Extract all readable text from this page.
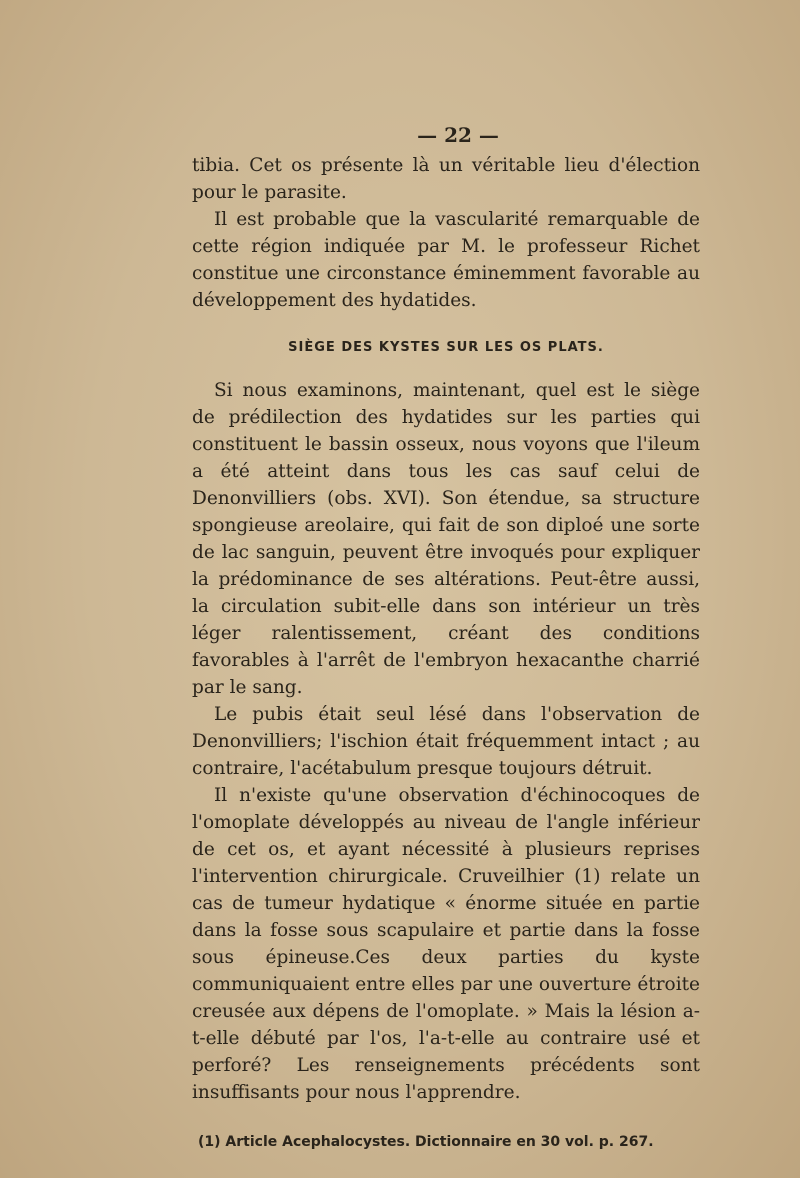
— 22 —

tibia. Cet os présente là un véritable lieu d'élection pour le parasite.

Il est probable que la vascularité remarquable de cette région indiquée par M. le professeur Richet constitue une circonstance éminemment favorable au développement des hydatides.

SIÈGE DES KYSTES SUR LES OS PLATS.

Si nous examinons, maintenant, quel est le siège de prédilection des hydatides sur les parties qui constituent le bassin osseux, nous voyons que l'ileum a été atteint dans tous les cas sauf celui de Denonvilliers (obs. XVI). Son étendue, sa structure spongieuse areolaire, qui fait de son diploé une sorte de lac sanguin, peuvent être invoqués pour expliquer la prédominance de ses altérations. Peut-être aussi, la circulation subit-elle dans son intérieur un très léger ralentissement, créant des conditions favorables à l'arrêt de l'embryon hexacanthe charrié par le sang.

Le pubis était seul lésé dans l'observation de Denonvilliers; l'ischion était fréquemment intact ; au contraire, l'acétabulum presque toujours détruit.

Il n'existe qu'une observation d'échinocoques de l'omoplate développés au niveau de l'angle inférieur de cet os, et ayant nécessité à plusieurs reprises l'intervention chirurgicale. Cruveilhier (1) relate un cas de tumeur hydatique « énorme située en partie dans la fosse sous scapulaire et partie dans la fosse sous épineuse.Ces deux parties du kyste communiquaient entre elles par une ouverture étroite creusée aux dépens de l'omoplate. » Mais la lésion a-t-elle débuté par l'os, l'a-t-elle au contraire usé et perforé? Les renseignements précédents sont insuffisants pour nous l'apprendre.

(1) Article Acephalocystes. Dictionnaire en 30 vol. p. 267.
